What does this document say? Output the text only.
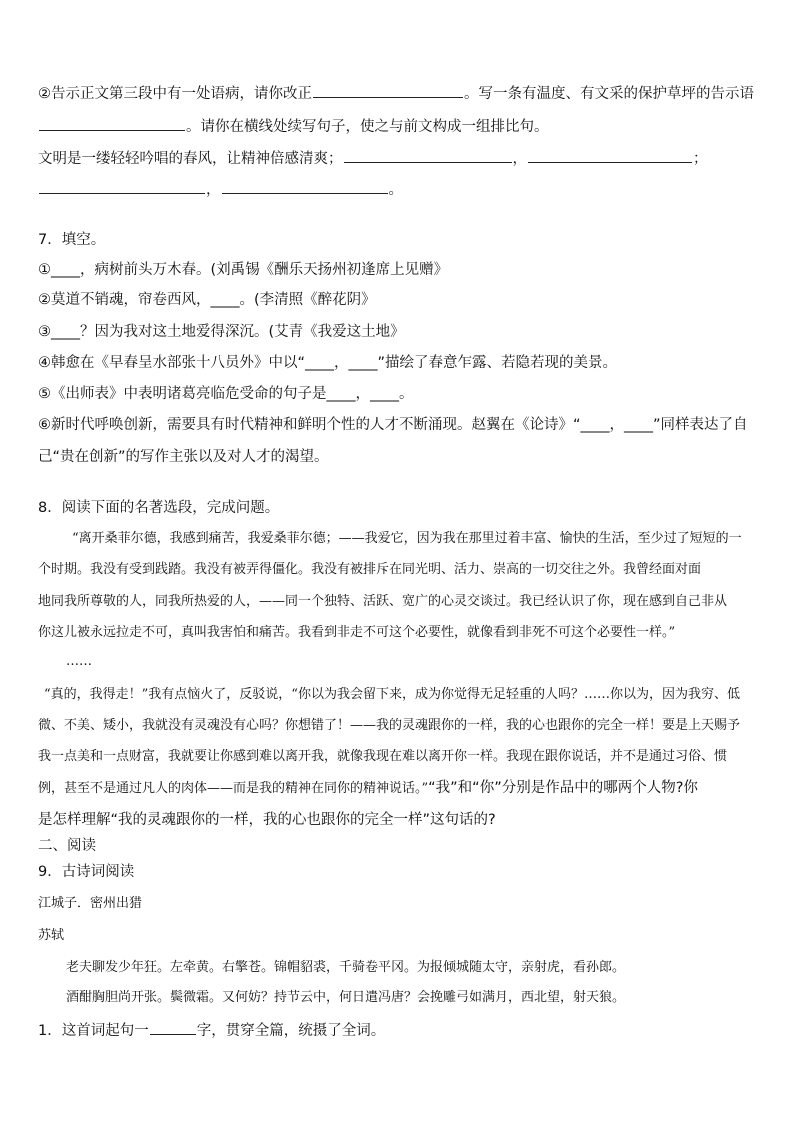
②告示正文第三段中有一处语病，请你改正	。写一条有温度、有文采的保护草坪的告示语
。请你在横线处续写句子，使之与前文构成一组排比句。
文明是一缕轻轻吟唱的春风，让精神倍感清爽；	，	；
，	。
7．填空。
①____，病树前头万木春。(刘禹锡《酬乐天扬州初逢席上见赠》
②莫道不销魂，帘卷西风，____。(李清照《醉花阴》
③____？因为我对这土地爱得深沉。(艾青《我爱这土地》
④韩愈在《早春呈水部张十八员外》中以“____，____”描绘了春意乍露、若隐若现的美景。
⑤《出师表》中表明诸葛亮临危受命的句子是____，____。
⑥新时代呼唤创新，需要具有时代精神和鲜明个性的人才不断涌现。赵翼在《论诗》“____，____”同样表达了自
己“贵在创新”的写作主张以及对人才的渴望。
8．阅读下面的名著选段，完成问题。
“离开桑菲尔德，我感到痛苦，我爱桑菲尔德；——我爱它，因为我在那里过着丰富、愉快的生活，至少过了短短的一
个时期。我没有受到践踏。我没有被弄得僵化。我没有被排斥在同光明、活力、崇高的一切交往之外。我曾经面对面
地同我所尊敬的人，同我所热爱的人，——同一个独特、活跃、宽广的心灵交谈过。我已经认识了你，现在感到自己非从
你这儿被永远拉走不可，真叫我害怕和痛苦。我看到非走不可这个必要性，就像看到非死不可这个必要性一样。”
……
“真的，我得走！”我有点恼火了，反驳说，“你以为我会留下来，成为你觉得无足轻重的人吗？……你以为，因为我穷、低
微、不美、矮小，我就没有灵魂没有心吗？你想错了！——我的灵魂跟你的一样，我的心也跟你的完全一样！要是上天赐予
我一点美和一点财富，我就要让你感到难以离开我，就像我现在难以离开你一样。我现在跟你说话，并不是通过习俗、惯
例，甚至不是通过凡人的肉体——而是我的精神在同你的精神说话。”“我”和“你”分别是作品中的哪两个人物?你
是怎样理解“我的灵魂跟你的一样，我的心也跟你的完全一样”这句话的?
二、阅读
9．古诗词阅读
江城子．密州出猎
苏轼
老夫聊发少年狂。左牵黄。右擎苍。锦帽貂裘，千骑卷平冈。为报倾城随太守，亲射虎，看孙郎。
酒酣胸胆尚开张。鬓微霜。又何妨？持节云中，何日遣冯唐？会挽雕弓如满月，西北望，射天狼。
1．这首词起句一	字，贯穿全篇，统摄了全词。
